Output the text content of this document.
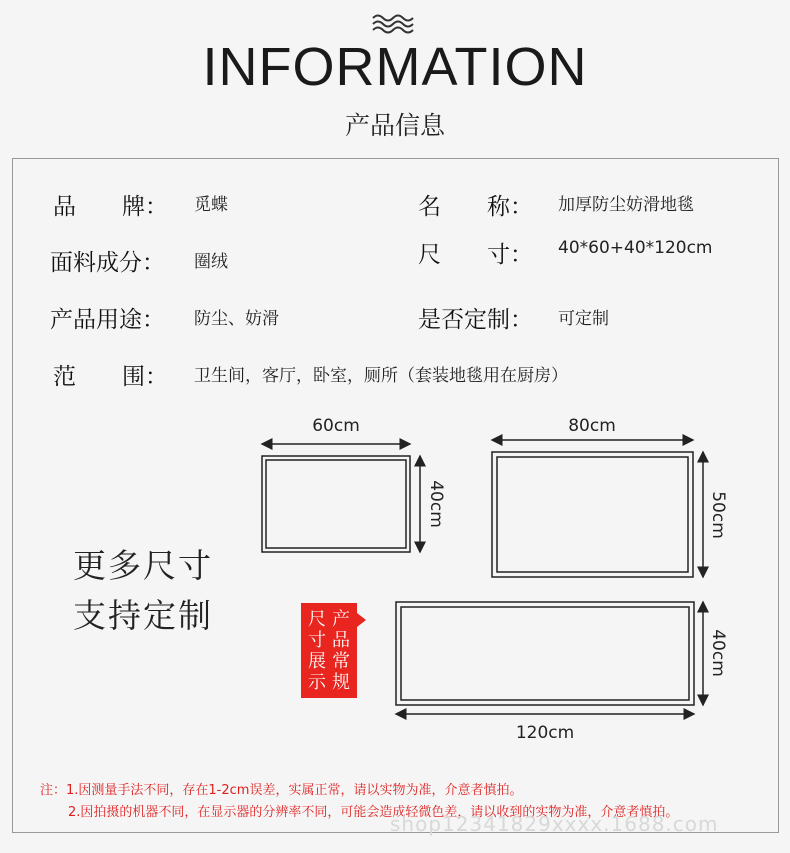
INFORMATION
产品信息
品　　牌： 觅蝶	名　　称： 加厚防尘妨滑地毯
面料成分： 圈绒	尺　　寸： 40*60+40*120cm
产品用途： 防尘、妨滑	是否定制： 可定制
范　　围： 卫生间，客厅，卧室，厕所（套装地毯用在厨房）
更多尺寸
支持定制	尺
寸
展
示
产
品
常
规
60cm
40cm
80cm
50cm
120cm
40cm
注：1.因测量手法不同，存在1-2cm误差，实属正常，请以实物为准，介意者慎拍。
2.因拍摄的机器不同，在显示器的分辨率不同，可能会造成轻微色差，请以收到的实物为准，介意者慎拍。
shop12341829xxxx.1688.com
